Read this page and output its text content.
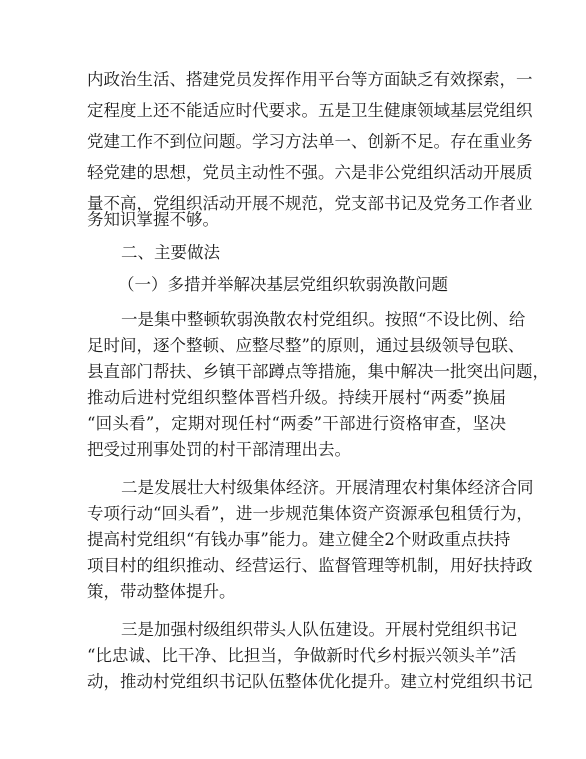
内政治生活、搭建党员发挥作用平台等方面缺乏有效探索，一
定程度上还不能适应时代要求。五是卫生健康领域基层党组织
党建工作不到位问题。学习方法单一、创新不足。存在重业务
轻党建的思想，党员主动性不强。六是非公党组织活动开展质
量不高，党组织活动开展不规范，党支部书记及党务工作者业
务知识掌握不够。
二、主要做法
（一）多措并举解决基层党组织软弱涣散问题
一是集中整顿软弱涣散农村党组织。按照“不设比例、给
足时间，逐个整顿、应整尽整”的原则，通过县级领导包联、
县直部门帮扶、乡镇干部蹲点等措施，集中解决一批突出问题，
推动后进村党组织整体晋档升级。持续开展村“两委”换届
“回头看”，定期对现任村“两委”干部进行资格审查，坚决
把受过刑事处罚的村干部清理出去。
二是发展壮大村级集体经济。开展清理农村集体经济合同
专项行动“回头看”，进一步规范集体资产资源承包租赁行为，
提高村党组织“有钱办事”能力。建立健全2个财政重点扶持
项目村的组织推动、经营运行、监督管理等机制，用好扶持政
策，带动整体提升。
三是加强村级组织带头人队伍建设。开展村党组织书记
“比忠诚、比干净、比担当，争做新时代乡村振兴领头羊”活
动，推动村党组织书记队伍整体优化提升。建立村党组织书记
